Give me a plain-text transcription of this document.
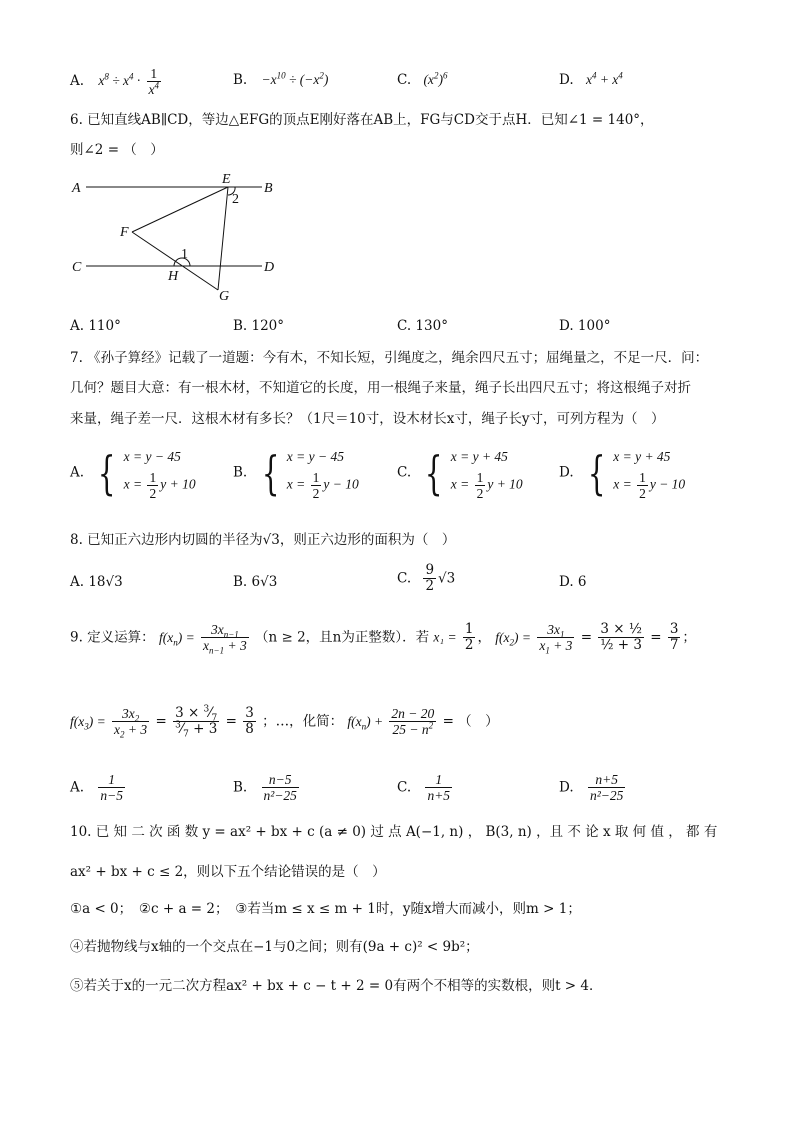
A. $x^8 \div x^4 \cdot \frac{1}{x^4}$	B. $-x^{10} \div (-x^2)$	C. $(x^2)^6$	D. $x^4 + x^4$
6. 已知直线AB∥CD，等边△EFG的顶点E刚好落在AB上，FG与CD交于点H．已知∠1 = 140°，
则∠2 = （　）
A
E
B
2
F
1
C
H
D
G
A. 110°	B. 120°	C. 130°	D. 100°
7. 《孙子算经》记载了一道题：今有木，不知长短，引绳度之，绳余四尺五寸；屈绳量之，不足一尺．问：
几何？题目大意：有一根木材，不知道它的长度，用一根绳子来量，绳子长出四尺五寸；将这根绳子对折
来量，绳子差一尺．这根木材有多长？（1尺＝10寸，设木材长x寸，绳子长y寸，可列方程为（　）
A. { x = y − 45
$x = \frac{1}{2}$ y + 10
B. { x = y − 45
$x = \frac{1}{2}$ y − 10
C. { x = y + 45
$x = \frac{1}{2}$ y + 10
D. { x = y + 45
$x = \frac{1}{2}$ y − 10
8. 已知正六边形内切圆的半径为√3，则正六边形的面积为（　）
A. 18√3	B. 6√3	C. $\frac{9}{2} √3$	D. 6
9. 定义运算： $f(x_n) = \frac{3x_{n-1}}{x_{n-1} + 3} (n \ge 2$，且n为正整数）．若 $x_1 = \frac{1}{2}$ ， $f(x_2) = \frac{3x_1}{x_1 + 3} = \frac{\text{3 × ½}}{\text{½ + 3}} = \frac{3}{7}$ ；
$f(x_3) = \frac{3x_2}{x_2 + 3} = \frac{3 \times ^3⁄_7}{^3⁄_7 + 3} = \frac{3}{8}$ ；…，化简： $f(x_n) + \frac{2n - 20}{25 - n^2}$ = （　）
A. $\frac{1}{n-5}$	B. $\frac{n-5}{\text{n²−25}}$	C. $\frac{1}{n+5}$	D. $\frac{n+5}{\text{n²−25}}$
10. 已 知 二 次 函 数 y = ax² + bx + c (a ≠ 0) 过 点 A(−1, n) ， B(3, n) ，且 不 论 x 取 何 值 ， 都 有
ax² + bx + c ≤ 2，则以下五个结论错误的是（　）
①a < 0；　②c + a = 2；　③若当m ≤ x ≤ m + 1时，y随x增大而减小，则m > 1；
④若抛物线与x轴的一个交点在−1与0之间；则有(9a + c)² < 9b²；
⑤若关于x的一元二次方程ax² + bx + c − t + 2 = 0有两个不相等的实数根，则t > 4．
